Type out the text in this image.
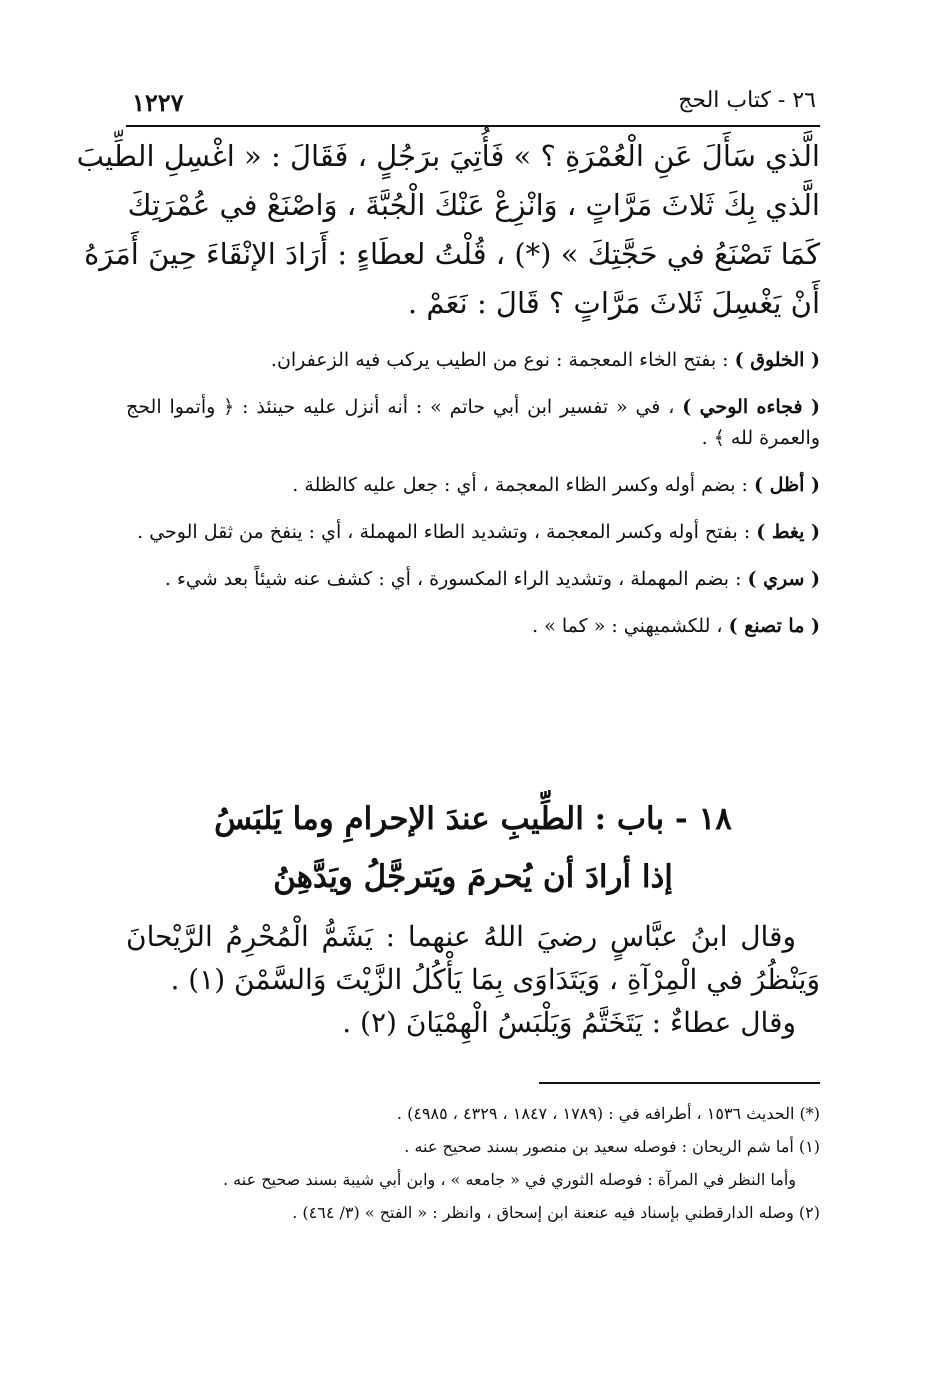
١٢٢٧	٢٦ - كتاب الحج

الَّذي سَأَلَ عَنِ الْعُمْرَةِ ؟ » فَأُتِيَ برَجُلٍ ، فَقَالَ : « اغْسِلِ الطِّيبَ

الَّذي بِكَ ثَلاثَ مَرَّاتٍ ، وَانْزِعْ عَنْكَ الْجُبَّةَ ، وَاصْنَعْ في عُمْرَتِكَ

كَمَا تَصْنَعُ في حَجَّتِكَ » (*) ، قُلْتُ لعطَاءٍ : أَرَادَ الإنْقَاءَ حِينَ أَمَرَهُ

أَنْ يَغْسِلَ ثَلاثَ مَرَّاتٍ ؟ قَالَ : نَعَمْ .

( الخلوق ) : بفتح الخاء المعجمة : نوع من الطيب يركب فيه الزعفران.

( فجاءه الوحي ) ، في « تفسير ابن أبي حاتم » : أنه أنزل عليه حينئذ : ﴿ وأتموا الحج والعمرة لله ﴾ .

( أظل ) : بضم أوله وكسر الظاء المعجمة ، أي : جعل عليه كالظلة .

( يغط ) : بفتح أوله وكسر المعجمة ، وتشديد الطاء المهملة ، أي : ينفخ من ثقل الوحي .

( سري ) : بضم المهملة ، وتشديد الراء المكسورة ، أي : كشف عنه شيئاً بعد شيء .

( ما تصنع ) ، للكشميهني : « كما » .

١٨ - باب : الطِّيبِ عندَ الإحرامِ وما يَلبَسُ

إذا أرادَ أن يُحرمَ ويَترجَّلُ ويَدَّهِنُ

وقال ابنُ عبَّاسٍ رضيَ اللهُ عنهما : يَشَمُّ الْمُحْرِمُ الرَّيْحانَ وَيَنْظُرُ في الْمِرْآةِ ، وَيَتَدَاوَى بِمَا يَأْكُلُ الزَّيْتَ وَالسَّمْنَ (١) .

وقال عطاءٌ : يَتَخَتَّمُ وَيَلْبَسُ الْهِمْيَانَ (٢) .

(*) الحديث ١٥٣٦ ، أطرافه في : (١٧٨٩ ، ١٨٤٧ ، ٤٣٢٩ ، ٤٩٨٥) .

(١) أما شم الريحان : فوصله سعيد بن منصور بسند صحيح عنه .

وأما النظر في المرآة : فوصله الثوري في « جامعه » ، وابن أبي شيبة بسند صحيح عنه .

(٢) وصله الدارقطني بإسناد فيه عنعنة ابن إسحاق ، وانظر : « الفتح » (٣/ ٤٦٤) .
